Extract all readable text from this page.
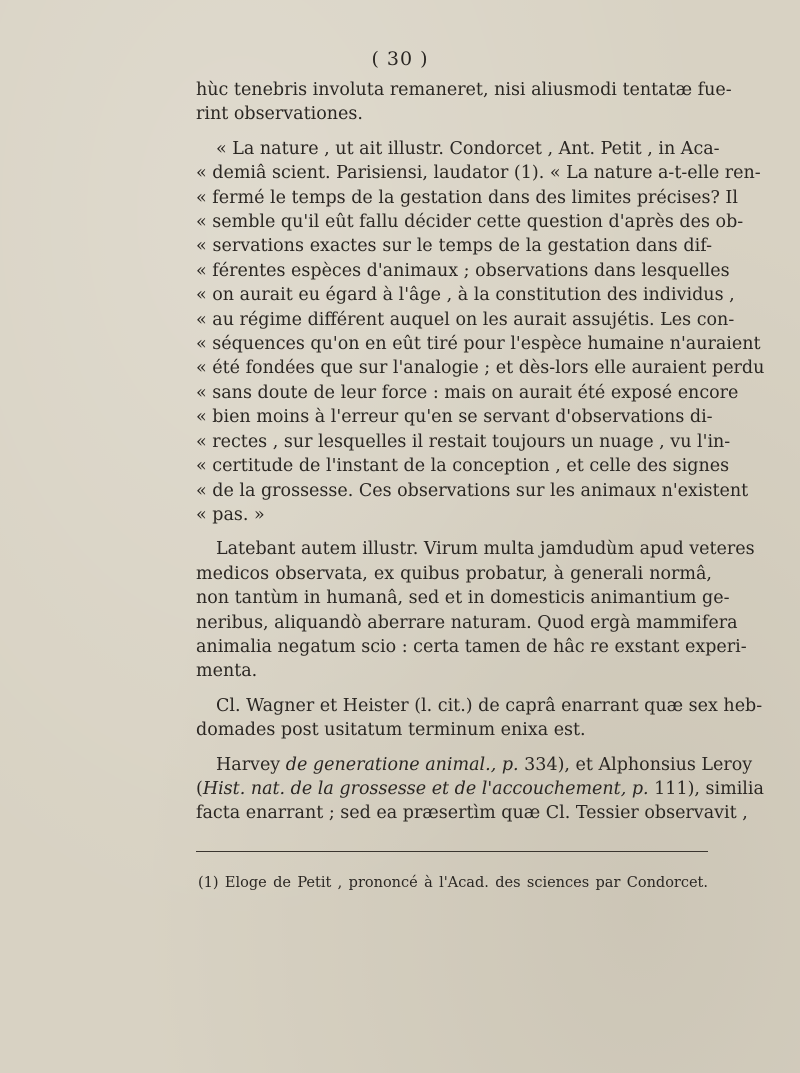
( 30 )
hùc tenebris involuta remaneret, nisi aliusmodi tentatæ fue-
rint observationes.
« La nature , ut ait illustr. Condorcet , Ant. Petit , in Aca-
« demiâ scient. Parisiensi, laudator (1). « La nature a-t-elle ren-
« fermé le temps de la gestation dans des limites précises? Il
« semble qu'il eût fallu décider cette question d'après des ob-
« servations exactes sur le temps de la gestation dans dif-
« férentes espèces d'animaux ; observations dans lesquelles
« on aurait eu égard à l'âge , à la constitution des individus ,
« au régime différent auquel on les aurait assujétis. Les con-
« séquences qu'on en eût tiré pour l'espèce humaine n'auraient
« été fondées que sur l'analogie ; et dès-lors elle auraient perdu
« sans doute de leur force : mais on aurait été exposé encore
« bien moins à l'erreur qu'en se servant d'observations di-
« rectes , sur lesquelles il restait toujours un nuage , vu l'in-
« certitude de l'instant de la conception , et celle des signes
« de la grossesse. Ces observations sur les animaux n'existent
« pas. »
Latebant autem illustr. Virum multa jamdudùm apud veteres
medicos observata, ex quibus probatur, à generali normâ,
non tantùm in humanâ, sed et in domesticis animantium ge-
neribus, aliquandò aberrare naturam. Quod ergà mammifera
animalia negatum scio : certa tamen de hâc re exstant experi-
menta.
Cl. Wagner et Heister (l. cit.) de caprâ enarrant quæ sex heb-
domades post usitatum terminum enixa est.
Harvey de generatione animal., p. 334), et Alphonsius Leroy
(Hist. nat. de la grossesse et de l'accouchement, p. 111), similia
facta enarrant ; sed ea præsertìm quæ Cl. Tessier observavit ,
(1) Eloge de Petit , prononcé à l'Acad. des sciences par Condorcet.
